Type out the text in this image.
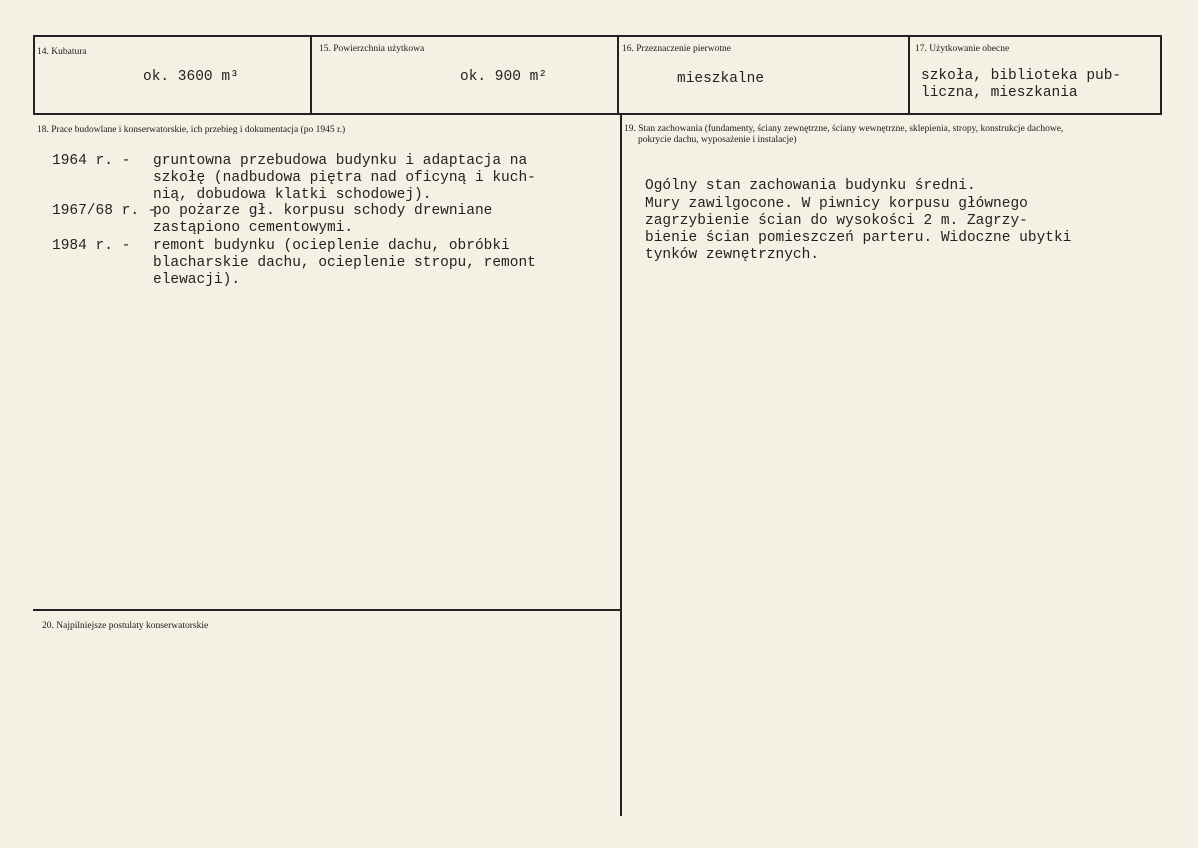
14. Kubatura
ok. 3600 m³
15. Powierzchnia użytkowa
ok. 900 m²
16. Przeznaczenie pierwotne
mieszkalne
17. Użytkowanie obecne
szkoła, biblioteka pub-
liczna, mieszkania
18. Prace budowlane i konserwatorskie, ich przebieg i dokumentacja (po 1945 r.)
1964 r. - gruntowna przebudowa budynku i adaptacja na
szkołę (nadbudowa piętra nad oficyną i kuch-
nią, dobudowa klatki schodowej).
1967/68 r. -
po pożarze gł. korpusu schody drewniane
zastąpiono cementowymi.
1984 r. - remont budynku (ocieplenie dachu, obróbki
blacharskie dachu, ocieplenie stropu, remont
elewacji).
19. Stan zachowania (fundamenty, ściany zewnętrzne, ściany wewnętrzne, sklepienia, stropy, konstrukcje dachowe,
pokrycie dachu, wyposażenie i instalacje)
Ogólny stan zachowania budynku średni.
Mury zawilgocone. W piwnicy korpusu głównego
zagrzybienie ścian do wysokości 2 m. Zagrzy-
bienie ścian pomieszczeń parteru. Widoczne ubytki
tynków zewnętrznych.
20. Najpilniejsze postulaty konserwatorskie
